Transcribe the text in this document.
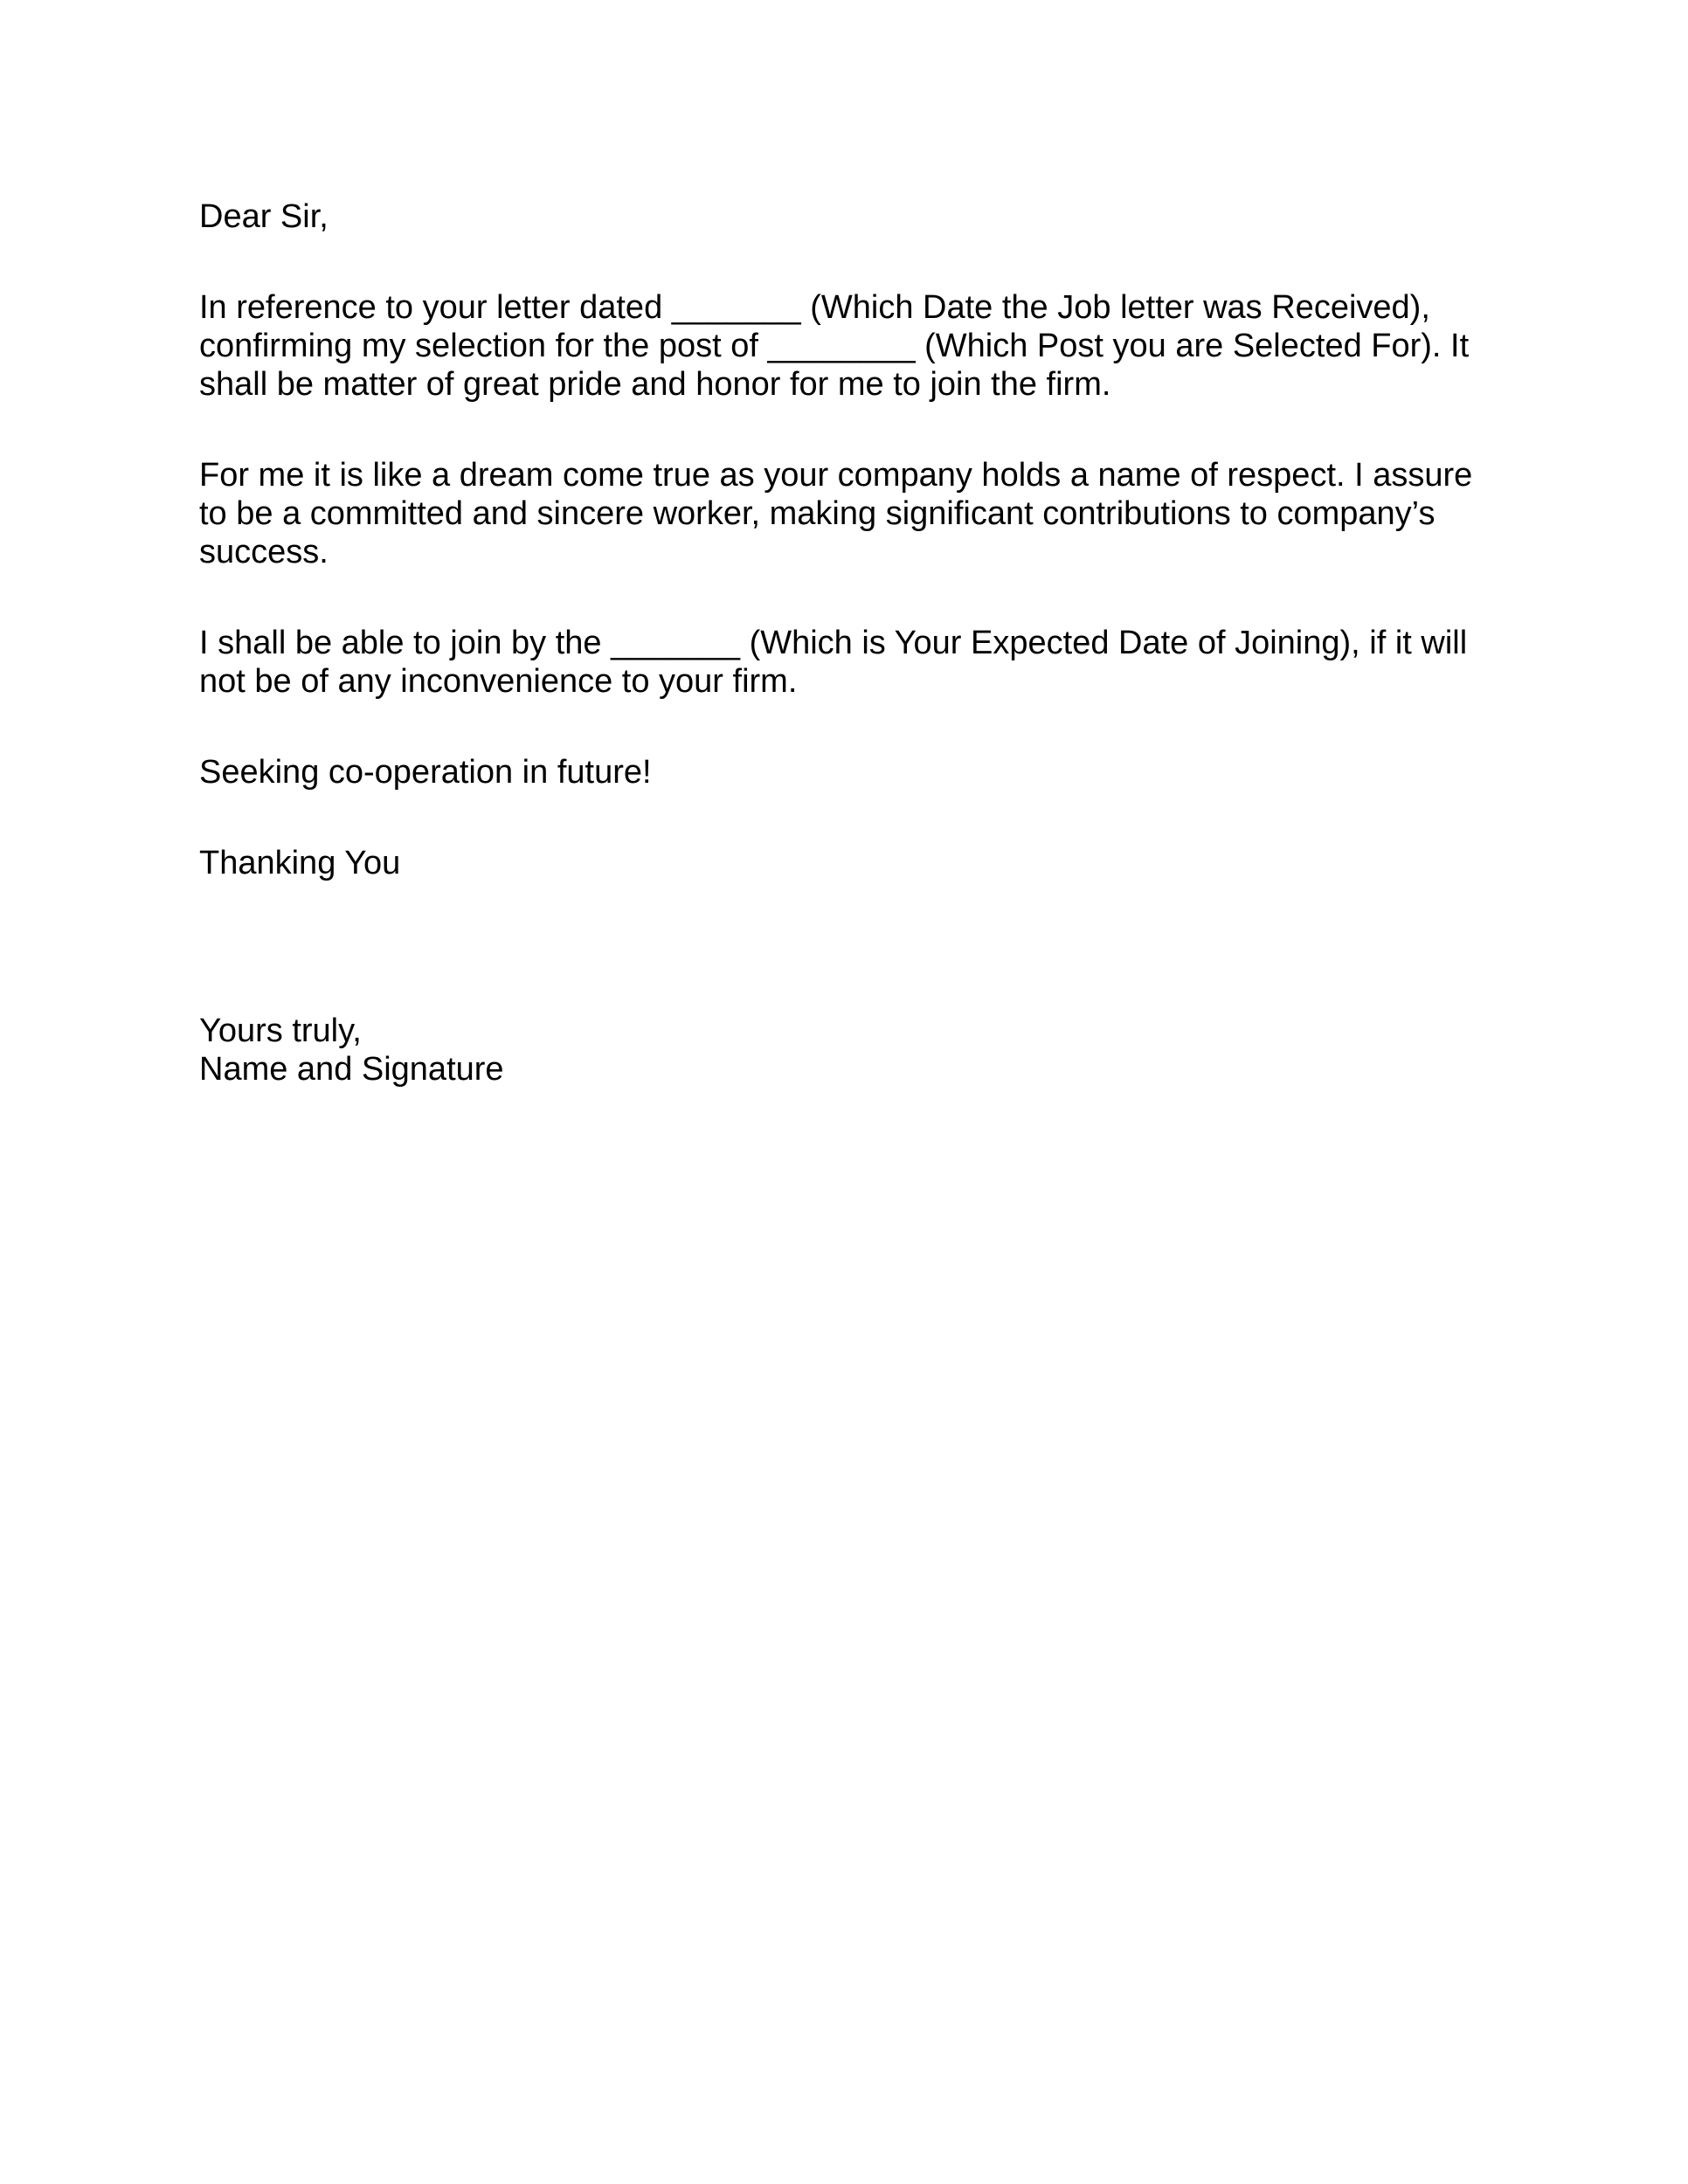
Dear Sir,

In reference to your letter dated _______ (Which Date the Job letter was Received),
confirming my selection for the post of ________ (Which Post you are Selected For). It
shall be matter of great pride and honor for me to join the firm.

For me it is like a dream come true as your company holds a name of respect. I assure
to be a committed and sincere worker, making significant contributions to company’s
success.

I shall be able to join by the _______ (Which is Your Expected Date of Joining), if it will
not be of any inconvenience to your firm.

Seeking co-operation in future!

Thanking You

Yours truly,

Name and Signature
